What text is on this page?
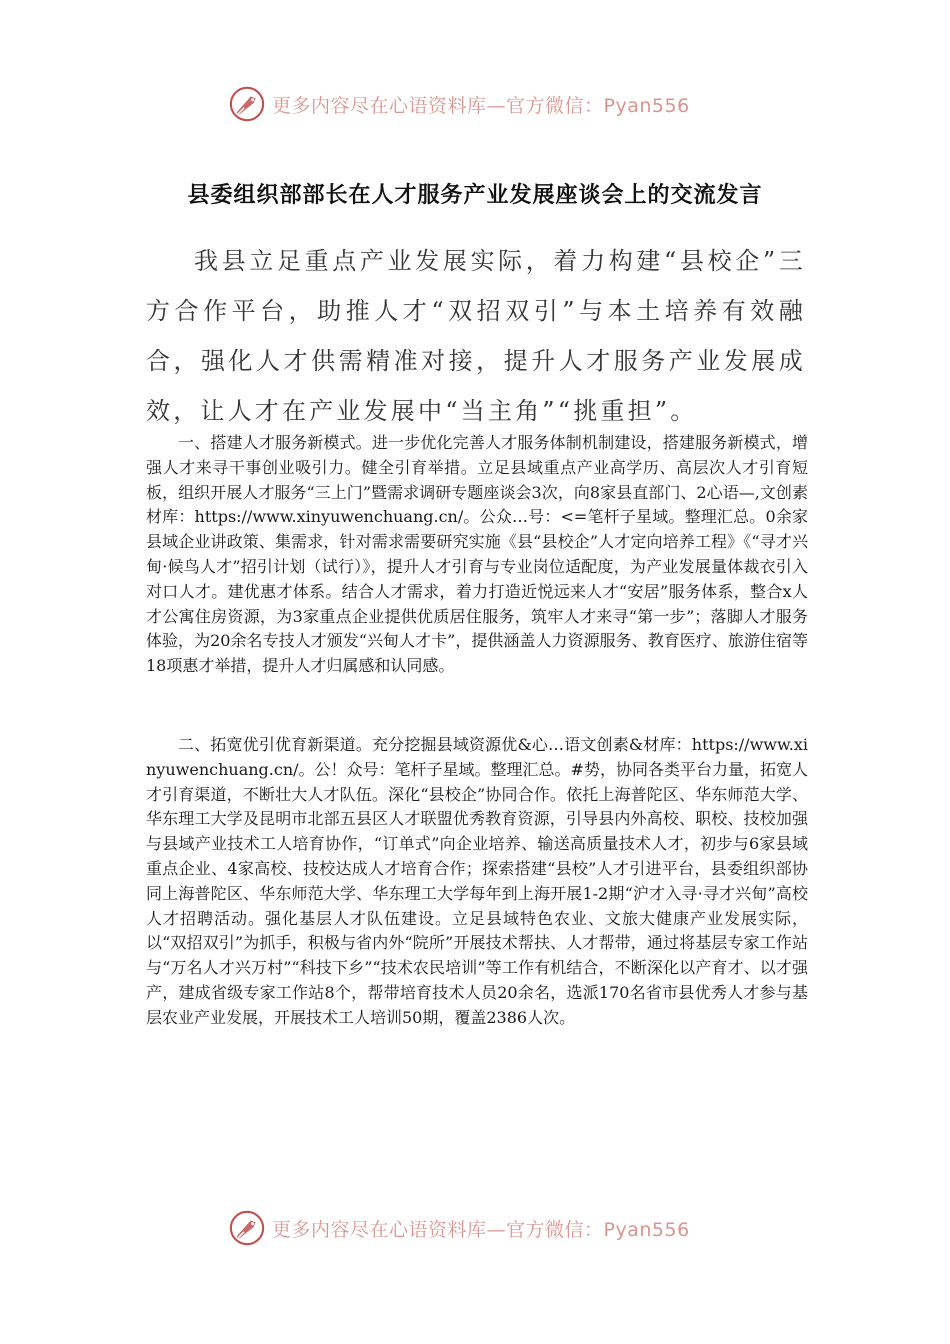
更多内容尽在心语资料库—官方微信：Pyan556
县委组织部部长在人才服务产业发展座谈会上的交流发言

我县立足重点产业发展实际，着力构建“县校企”三方合作平台，助推人才“双招双引”与本土培养有效融合，强化人才供需精准对接，提升人才服务产业发展成效，让人才在产业发展中“当主角”“挑重担”。

一、搭建人才服务新模式。进一步优化完善人才服务体制机制建设，搭建服务新模式，增强人才来寻干事创业吸引力。健全引育举措。立足县域重点产业高学历、高层次人才引育短板，组织开展人才服务“三上门”暨需求调研专题座谈会3次，向8家县直部门、2心语—,文创素材库：https://www.xinyuwenchuang.cn/。公众…号：<=笔杆子星域。整理汇总。0余家县域企业讲政策、集需求，针对需求需要研究实施《县“县校企”人才定向培养工程》《“寻才兴甸·候鸟人才”招引计划（试行）》，提升人才引育与专业岗位适配度，为产业发展量体裁衣引入对口人才。建优惠才体系。结合人才需求，着力打造近悦远来人才“安居”服务体系，整合x人才公寓住房资源，为3家重点企业提供优质居住服务，筑牢人才来寻“第一步”；落脚人才服务体验，为20余名专技人才颁发“兴甸人才卡”，提供涵盖人力资源服务、教育医疗、旅游住宿等18项惠才举措，提升人才归属感和认同感。

二、拓宽优引优育新渠道。充分挖掘县域资源优&心…语文创素&材库：https://www.xinyuwenchuang.cn/。公！众号：笔杆子星域。整理汇总。#势，协同各类平台力量，拓宽人才引育渠道，不断壮大人才队伍。深化“县校企”协同合作。依托上海普陀区、华东师范大学、华东理工大学及昆明市北部五县区人才联盟优秀教育资源，引导县内外高校、职校、技校加强与县域产业技术工人培育协作，“订单式”向企业培养、输送高质量技术人才，初步与6家县域重点企业、4家高校、技校达成人才培育合作；探索搭建“县校”人才引进平台，县委组织部协同上海普陀区、华东师范大学、华东理工大学每年到上海开展1-2期“沪才入寻·寻才兴甸”高校人才招聘活动。强化基层人才队伍建设。立足县域特色农业、文旅大健康产业发展实际，以“双招双引”为抓手，积极与省内外“院所”开展技术帮扶、人才帮带，通过将基层专家工作站与“万名人才兴万村”“科技下乡”“技术农民培训”等工作有机结合，不断深化以产育才、以才强产，建成省级专家工作站8个，帮带培育技术人员20余名，选派170名省市县优秀人才参与基层农业产业发展，开展技术工人培训50期，覆盖2386人次。

更多内容尽在心语资料库—官方微信：Pyan556
